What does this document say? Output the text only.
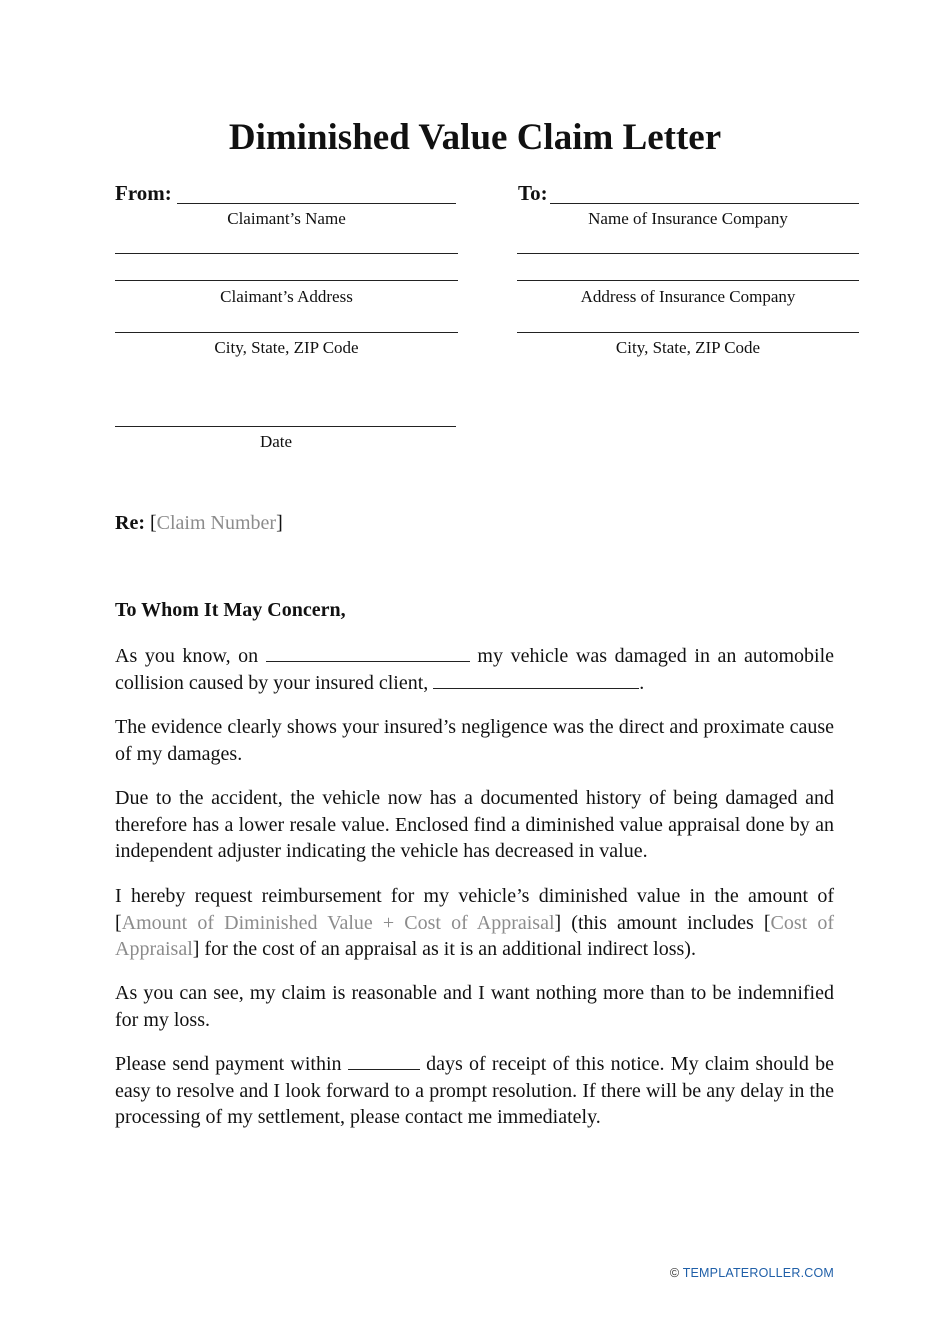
Diminished Value Claim Letter
From:
Claimant’s Name
Claimant’s Address
City, State, ZIP Code
Date
To:
Name of Insurance Company
Address of Insurance Company
City, State, ZIP Code
Re: [Claim Number]
To Whom It May Concern,

As you know, on	my vehicle was damaged in an automobile collision caused by your insured client,	.

The evidence clearly shows your insured’s negligence was the direct and proximate cause of my damages.

Due to the accident, the vehicle now has a documented history of being damaged and therefore has a lower resale value. Enclosed find a diminished value appraisal done by an independent adjuster indicating the vehicle has decreased in value.

I hereby request reimbursement for my vehicle’s diminished value in the amount of [Amount of Diminished Value + Cost of Appraisal] (this amount includes [Cost of Appraisal] for the cost of an appraisal as it is an additional indirect loss).

As you can see, my claim is reasonable and I want nothing more than to be indemnified for my loss.

Please send payment within	days of receipt of this notice. My claim should be easy to resolve and I look forward to a prompt resolution. If there will be any delay in the processing of my settlement, please contact me immediately.

© TEMPLATEROLLER.COM
